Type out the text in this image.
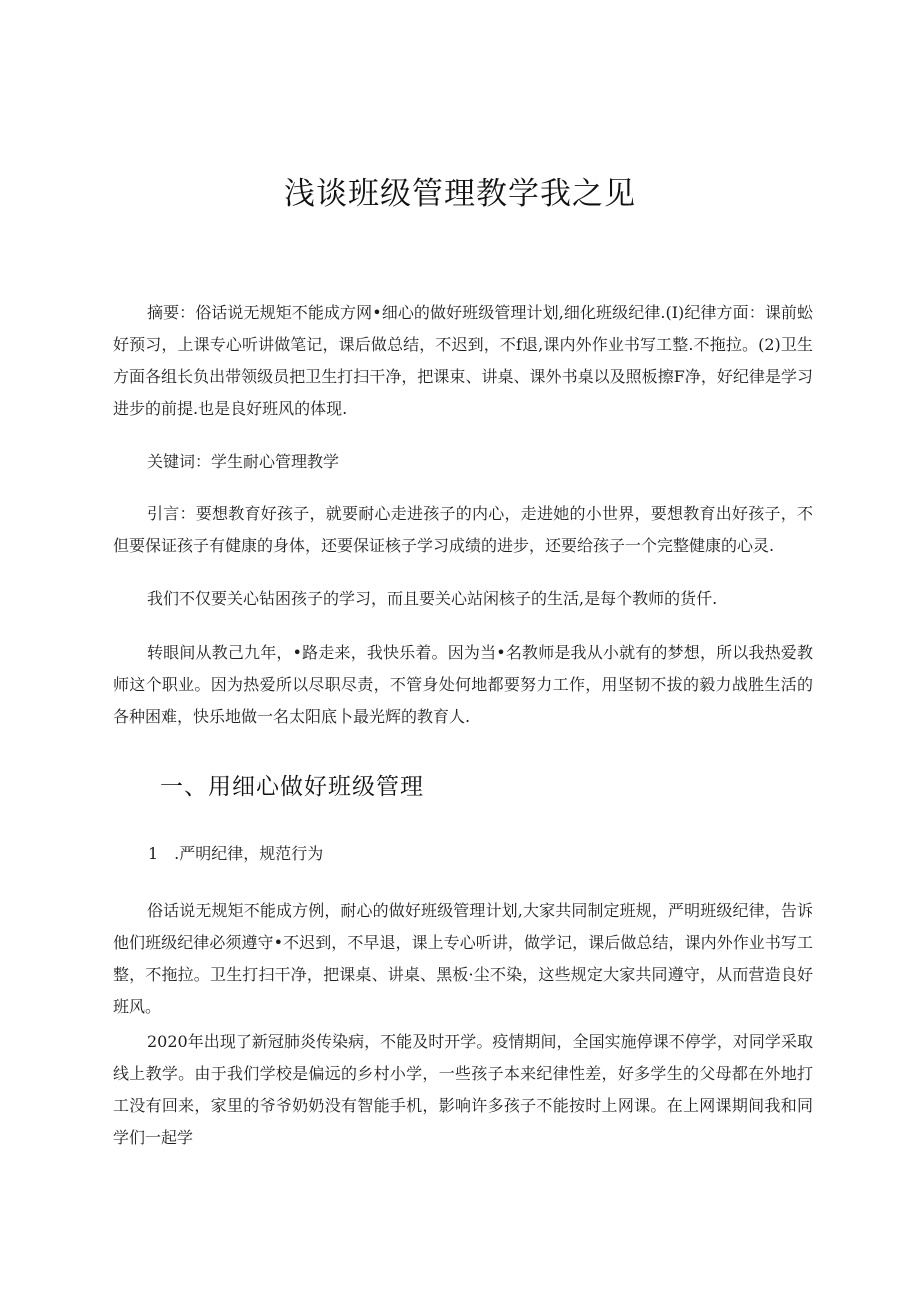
浅谈班级管理教学我之见

摘要：俗话说无规矩不能成方网•细心的做好班级管理计划,细化班级纪律.(I)纪律方面：课前蚣好预习，上课专心听讲做笔记，课后做总结，不迟到，不f退,课内外作业书写工整.不拖拉。(2)卫生方面各组长负出带领级员把卫生打扫干净，把课束、讲桌、课外书桌以及照板擦F净，好纪律是学习进步的前提.也是良好班风的体现.

关键词：学生耐心管理教学

引言：要想教育好孩子，就要耐心走进孩子的内心，走进她的小世界，要想教育出好孩子，不但要保证孩子有健康的身体，还要保证核子学习成绩的进步，还要给孩子一个完整健康的心灵.

我们不仅要关心钻困孩子的学习，而且要关心站闲核子的生活,是每个教师的货仟.

转眼间从教己九年，•路走来，我快乐着。因为当•名教师是我从小就有的梦想，所以我热爱教师这个职业。因为热爱所以尽职尽责，不管身处何地都要努力工作，用坚韧不拔的毅力战胜生活的各种困难，快乐地做一名太阳底卜最光辉的教育人.

一、用细心做好班级管理

1　.严明纪律，规范行为

俗话说无规矩不能成方例，耐心的做好班级管理计划,大家共同制定班规，严明班级纪律，告诉他们班级纪律必须遵守•不迟到，不早退，课上专心听讲，做学记，课后做总结，课内外作业书写工整，不拖拉。卫生打扫干净，把课桌、讲桌、黑板·尘不染，这些规定大家共同遵守，从而营造良好班风。

2020年出现了新冠肺炎传染病，不能及时开学。疫情期间，全国实施停课不停学，对同学采取线上教学。由于我们学校是偏远的乡村小学，一些孩子本来纪律性差，好多学生的父母都在外地打工没有回来，家里的爷爷奶奶没有智能手机，影响许多孩子不能按时上网课。在上网课期间我和同学们一起学
